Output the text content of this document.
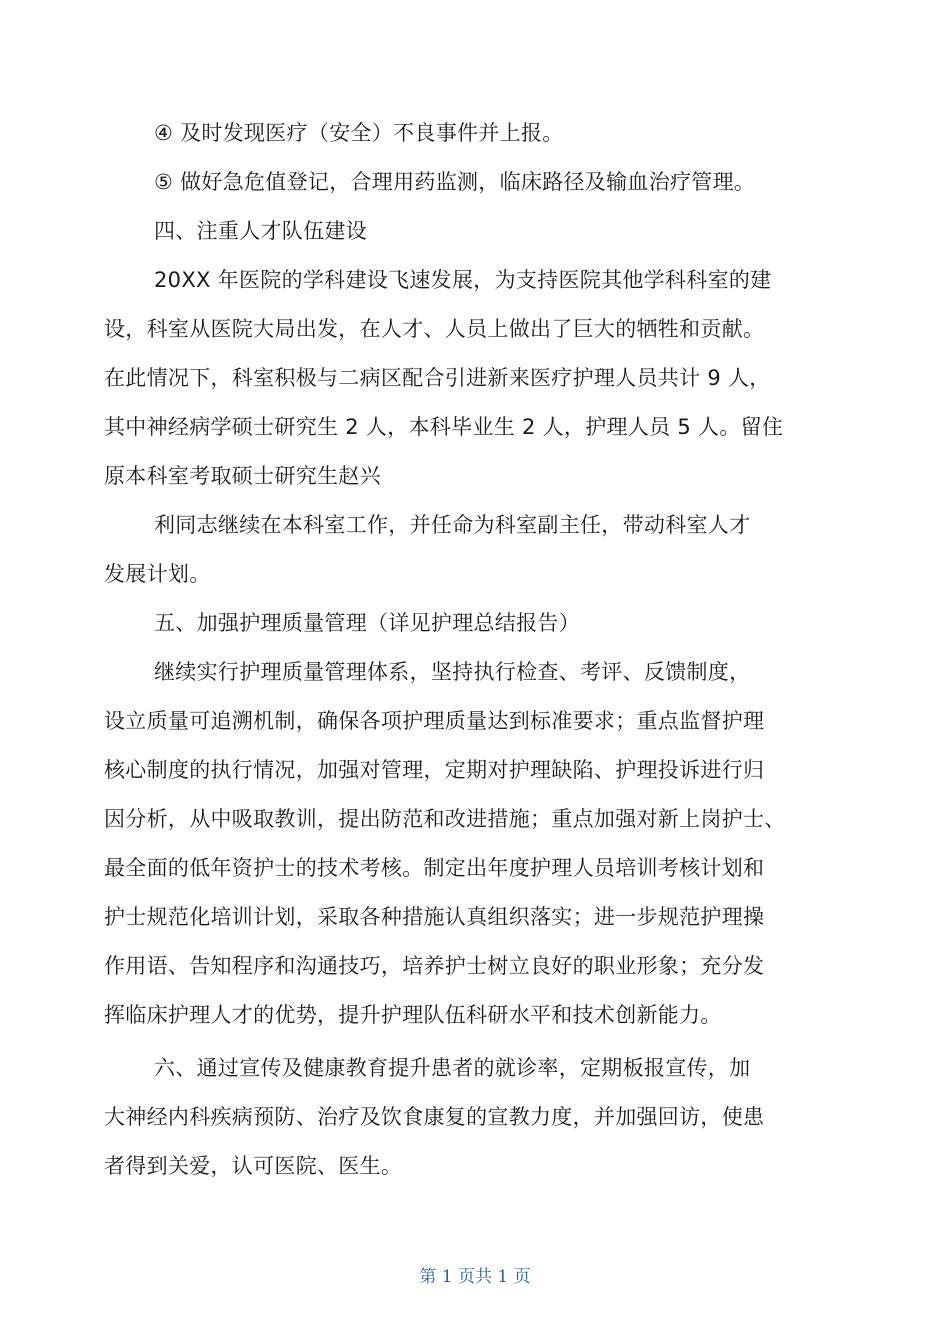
④ 及时发现医疗（安全）不良事件并上报。
⑤ 做好急危值登记，合理用药监测，临床路径及输血治疗管理。
四、注重人才队伍建设
20XX 年医院的学科建设飞速发展，为支持医院其他学科科室的建
设，科室从医院大局出发，在人才、人员上做出了巨大的牺牲和贡献。
在此情况下，科室积极与二病区配合引进新来医疗护理人员共计 9 人，
其中神经病学硕士研究生 2 人，本科毕业生 2 人，护理人员 5 人。留住
原本科室考取硕士研究生赵兴
利同志继续在本科室工作，并任命为科室副主任，带动科室人才
发展计划。
五、加强护理质量管理（详见护理总结报告）
继续实行护理质量管理体系，坚持执行检查、考评、反馈制度，
设立质量可追溯机制，确保各项护理质量达到标准要求；重点监督护理
核心制度的执行情况，加强对管理，定期对护理缺陷、护理投诉进行归
因分析，从中吸取教训，提出防范和改进措施；重点加强对新上岗护士、
最全面的低年资护士的技术考核。制定出年度护理人员培训考核计划和
护士规范化培训计划，采取各种措施认真组织落实；进一步规范护理操
作用语、告知程序和沟通技巧，培养护士树立良好的职业形象；充分发
挥临床护理人才的优势，提升护理队伍科研水平和技术创新能力。
六、通过宣传及健康教育提升患者的就诊率，定期板报宣传，加
大神经内科疾病预防、治疗及饮食康复的宣教力度，并加强回访，使患
者得到关爱，认可医院、医生。
第 1 页共 1 页
